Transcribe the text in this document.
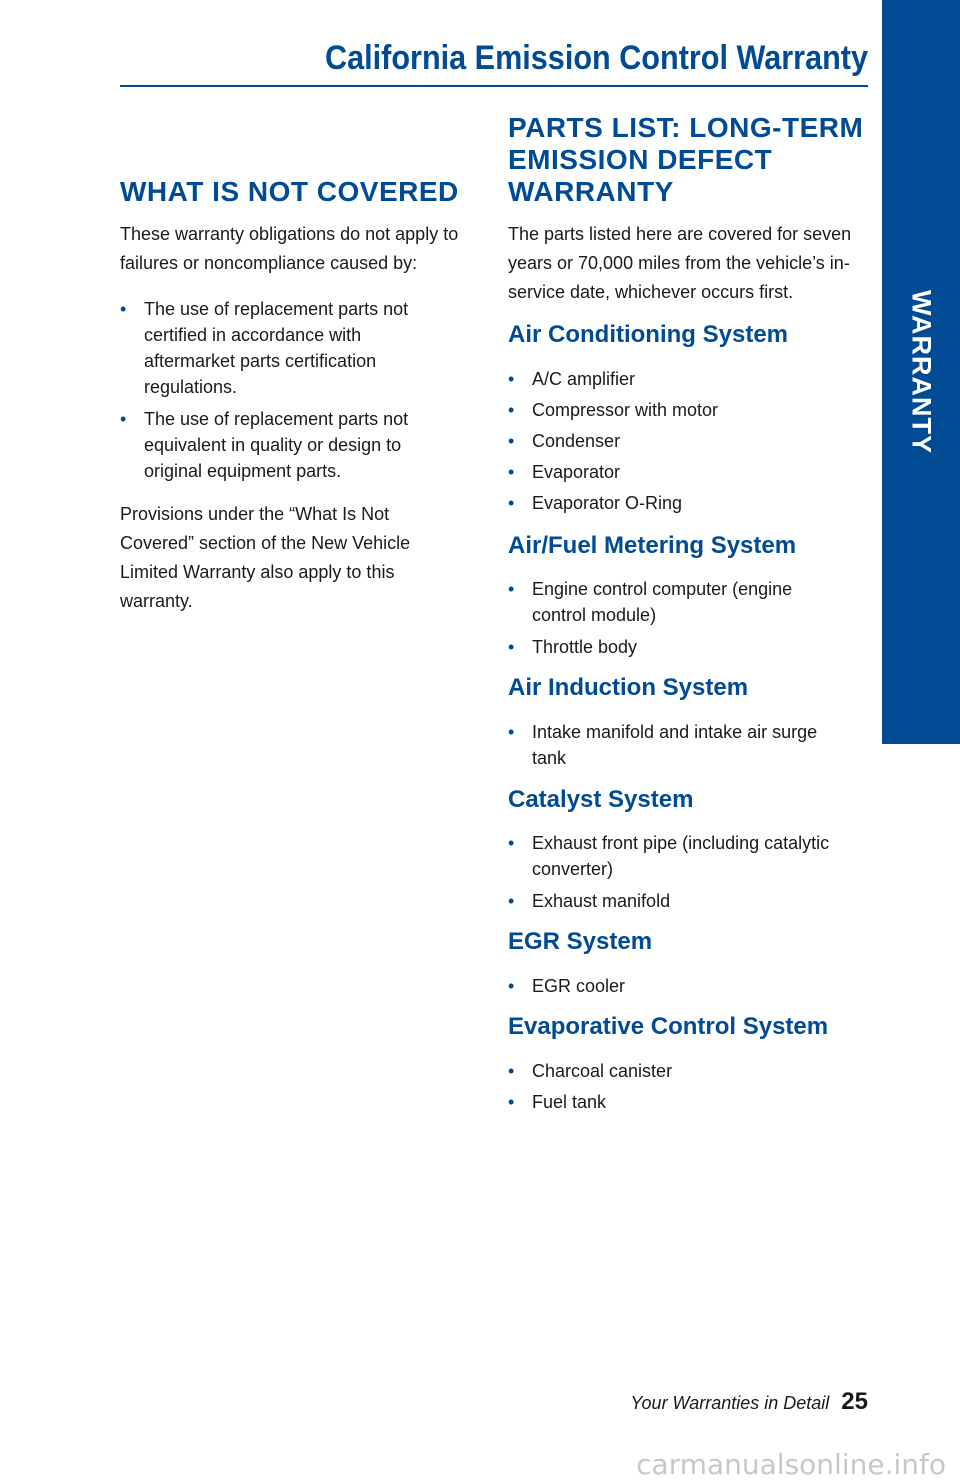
WARRANTY
California Emission Control Warranty
WHAT IS NOT COVERED

These warranty obligations do not apply to failures or noncompliance caused by:

• The use of replacement parts not certified in accordance with aftermarket parts certification regulations.
• The use of replacement parts not equivalent in quality or design to original equipment parts.

Provisions under the “What Is Not Covered” section of the New Vehicle Limited Warranty also apply to this warranty.

PARTS LIST: LONG-TERM EMISSION DEFECT WARRANTY

The parts listed here are covered for seven years or 70,000 miles from the vehicle’s in-service date, whichever occurs first.

Air Conditioning System
• A/C amplifier
• Compressor with motor
• Condenser
• Evaporator
• Evaporator O-Ring
Air/Fuel Metering System
• Engine control computer (engine control module)
• Throttle body
Air Induction System
• Intake manifold and intake air surge tank
Catalyst System
• Exhaust front pipe (including catalytic converter)
• Exhaust manifold
EGR System
• EGR cooler
Evaporative Control System
• Charcoal canister
• Fuel tank
Your Warranties in Detail 25
carmanualsonline.info
